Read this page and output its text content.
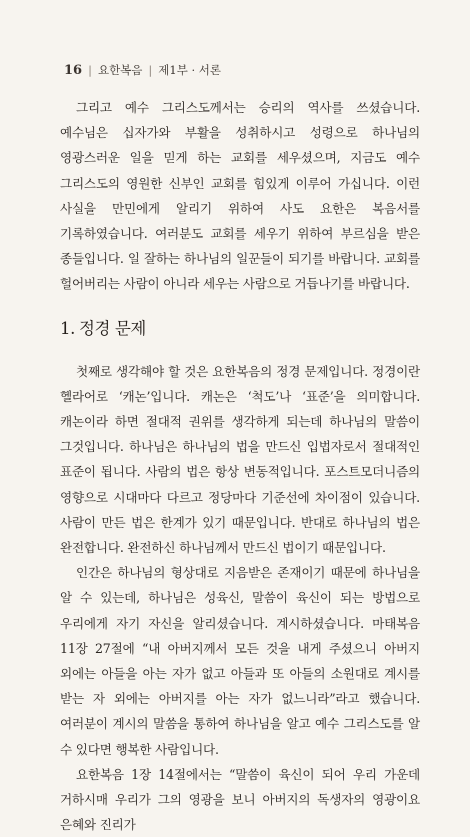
16 | 요한복음 | 제1부 · 서론

그리고 예수 그리스도께서는 승리의 역사를 쓰셨습니다. 예수님은 십자가와 부활을 성취하시고 성령으로 하나님의 영광스러운 일을 믿게 하는 교회를 세우셨으며, 지금도 예수 그리스도의 영원한 신부인 교회를 힘있게 이루어 가십니다. 이런 사실을 만민에게 알리기 위하여 사도 요한은 복음서를 기록하였습니다. 여러분도 교회를 세우기 위하여 부르심을 받은 종들입니다. 일 잘하는 하나님의 일꾼들이 되기를 바랍니다. 교회를 헐어버리는 사람이 아니라 세우는 사람으로 거듭나기를 바랍니다.

1. 정경 문제

첫째로 생각해야 할 것은 요한복음의 정경 문제입니다. 정경이란 헬라어로 ‘캐논’입니다. 캐논은 ‘척도’나 ‘표준’을 의미합니다. 캐논이라 하면 절대적 권위를 생각하게 되는데 하나님의 말씀이 그것입니다. 하나님은 하나님의 법을 만드신 입법자로서 절대적인 표준이 됩니다. 사람의 법은 항상 변동적입니다. 포스트모더니즘의 영향으로 시대마다 다르고 정당마다 기준선에 차이점이 있습니다. 사람이 만든 법은 한계가 있기 때문입니다. 반대로 하나님의 법은 완전합니다. 완전하신 하나님께서 만드신 법이기 때문입니다.

인간은 하나님의 형상대로 지음받은 존재이기 때문에 하나님을 알 수 있는데, 하나님은 성육신, 말씀이 육신이 되는 방법으로 우리에게 자기 자신을 알리셨습니다. 계시하셨습니다. 마태복음 11장 27절에 “내 아버지께서 모든 것을 내게 주셨으니 아버지 외에는 아들을 아는 자가 없고 아들과 또 아들의 소원대로 계시를 받는 자 외에는 아버지를 아는 자가 없느니라”라고 했습니다. 여러분이 계시의 말씀을 통하여 하나님을 알고 예수 그리스도를 알 수 있다면 행복한 사람입니다.

요한복음 1장 14절에서는 “말씀이 육신이 되어 우리 가운데 거하시매 우리가 그의 영광을 보니 아버지의 독생자의 영광이요 은혜와 진리가
